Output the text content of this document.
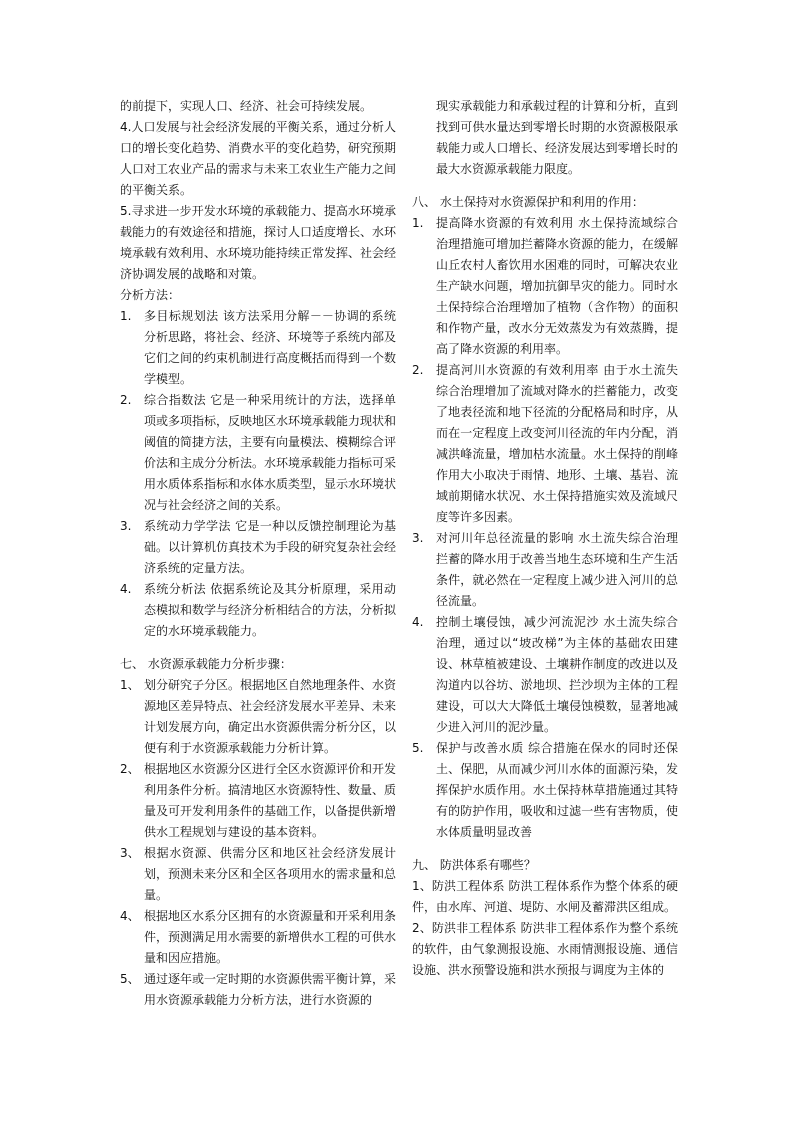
的前提下，实现人口、经济、社会可持续发展。

4.人口发展与社会经济发展的平衡关系，通过分析人口的增长变化趋势、消费水平的变化趋势，研究预期人口对工农业产品的需求与未来工农业生产能力之间的平衡关系。

5.寻求进一步开发水环境的承载能力、提高水环境承载能力的有效途径和措施，探讨人口适度增长、水环境承载有效利用、水环境功能持续正常发挥、社会经济协调发展的战略和对策。

分析方法：

1.	多目标规划法 该方法采用分解－－协调的系统分析思路，将社会、经济、环境等子系统内部及它们之间的约束机制进行高度概括而得到一个数学模型。
2.	综合指数法 它是一种采用统计的方法，选择单项或多项指标，反映地区水环境承载能力现状和阈值的简捷方法，主要有向量模法、模糊综合评价法和主成分分析法。水环境承载能力指标可采用水质体系指标和水体水质类型，显示水环境状况与社会经济之间的关系。
3.	系统动力学学法 它是一种以反馈控制理论为基础。以计算机仿真技术为手段的研究复杂社会经济系统的定量方法。
4.	系统分析法 依据系统论及其分析原理，采用动态模拟和数学与经济分析相结合的方法，分析拟定的水环境承载能力。

七、 水资源承载能力分析步骤：

1、 划分研究子分区。根据地区自然地理条件、水资源地区差异特点、社会经济发展水平差异、未来计划发展方向，确定出水资源供需分析分区，以便有利于水资源承载能力分析计算。
2、 根据地区水资源分区进行全区水资源评价和开发利用条件分析。搞清地区水资源特性、数量、质量及可开发利用条件的基础工作，以备提供新增供水工程规划与建设的基本资料。
3、 根据水资源、供需分区和地区社会经济发展计划，预测未来分区和全区各项用水的需求量和总量。
4、 根据地区水系分区拥有的水资源量和开采利用条件，预测满足用水需要的新增供水工程的可供水量和因应措施。
5、 通过逐年或一定时期的水资源供需平衡计算，采用水资源承载能力分析方法，进行水资源的
现实承载能力和承载过程的计算和分析，直到找到可供水量达到零增长时期的水资源极限承载能力或人口增长、经济发展达到零增长时的最大水资源承载能力限度。

八、 水土保持对水资源保护和利用的作用：

1.	提高降水资源的有效利用 水土保持流域综合治理措施可增加拦蓄降水资源的能力，在缓解山丘农村人畜饮用水困难的同时，可解决农业生产缺水问题，增加抗御旱灾的能力。同时水土保持综合治理增加了植物（含作物）的面积和作物产量，改水分无效蒸发为有效蒸腾，提高了降水资源的利用率。
2.	提高河川水资源的有效利用率 由于水土流失综合治理增加了流域对降水的拦蓄能力，改变了地表径流和地下径流的分配格局和时序，从而在一定程度上改变河川径流的年内分配，消减洪峰流量，增加枯水流量。水土保持的削峰作用大小取决于雨情、地形、土壤、基岩、流域前期储水状况、水土保持措施实效及流域尺度等许多因素。
3.	对河川年总径流量的影响 水土流失综合治理拦蓄的降水用于改善当地生态环境和生产生活条件，就必然在一定程度上减少进入河川的总径流量。
4.	控制土壤侵蚀，减少河流泥沙 水土流失综合治理，通过以“坡改梯”为主体的基础农田建设、林草植被建设、土壤耕作制度的改进以及沟道内以谷坊、淤地坝、拦沙坝为主体的工程建设，可以大大降低土壤侵蚀模数，显著地减少进入河川的泥沙量。
5.	保护与改善水质 综合措施在保水的同时还保土、保肥，从而减少河川水体的面源污染，发挥保护水质作用。水土保持林草措施通过其特有的防护作用，吸收和过滤一些有害物质，使水体质量明显改善

九、 防洪体系有哪些？

1、防洪工程体系 防洪工程体系作为整个体系的硬件，由水库、河道、堤防、水闸及蓄滞洪区组成。

2、防洪非工程体系 防洪非工程体系作为整个系统的软件，由气象测报设施、水雨情测报设施、通信设施、洪水预警设施和洪水预报与调度为主体的
